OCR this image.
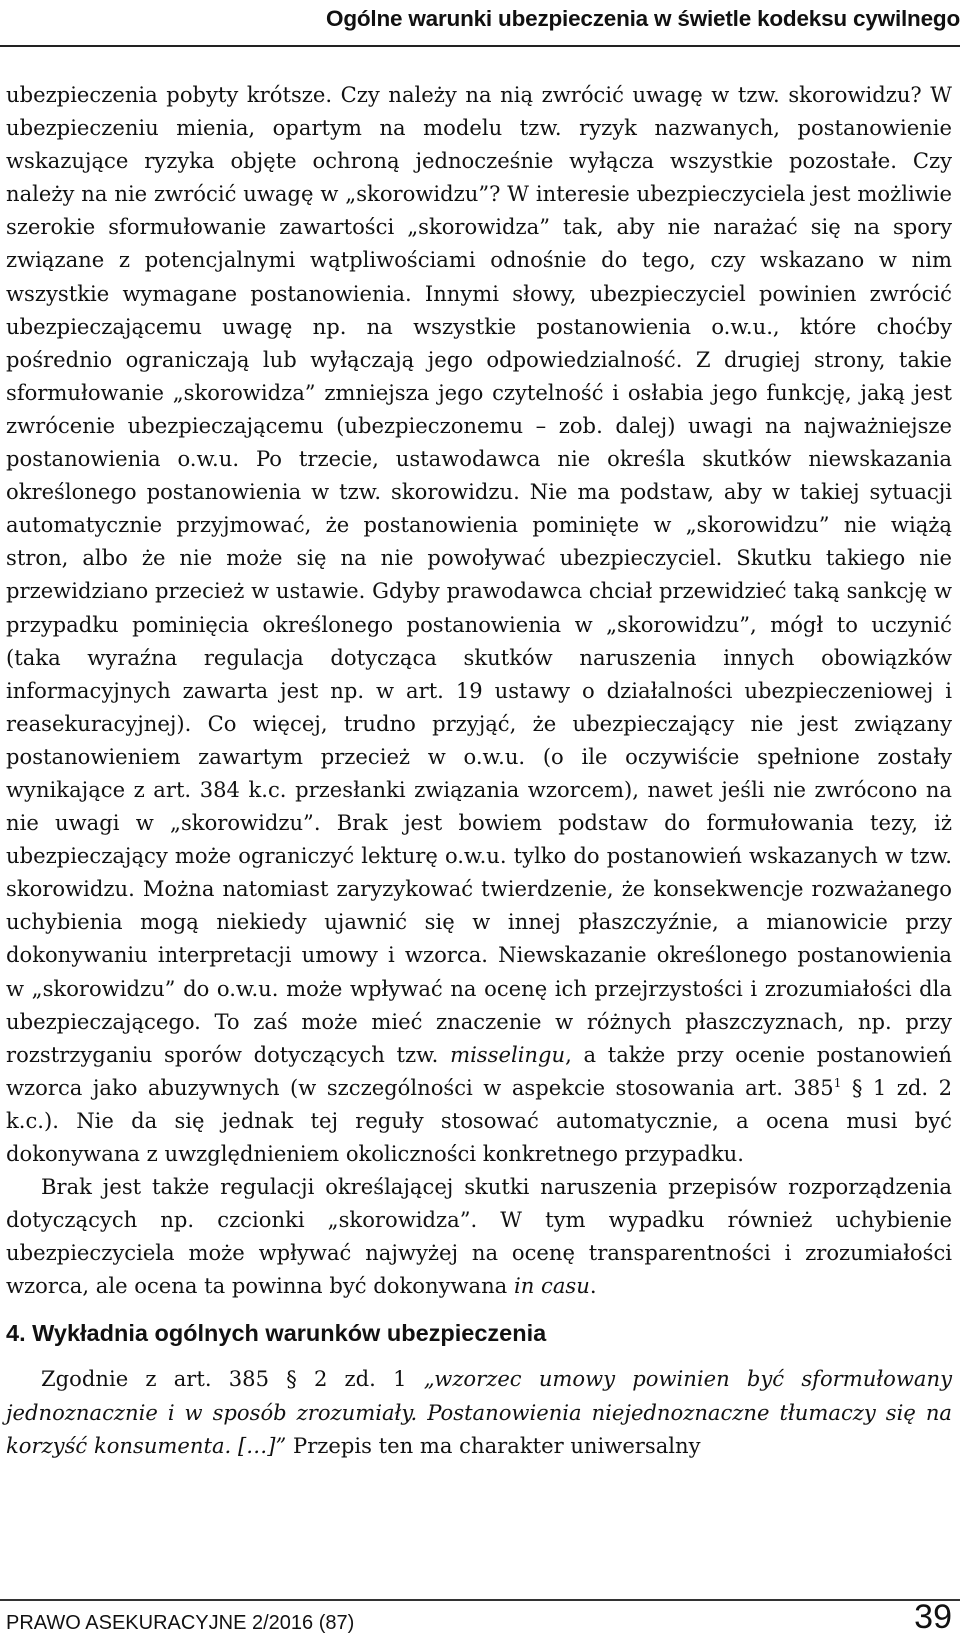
Ogólne warunki ubezpieczenia w świetle kodeksu cywilnego

ubezpieczenia pobyty krótsze. Czy należy na nią zwrócić uwagę w tzw. skorowidzu? W ubezpieczeniu mienia, opartym na modelu tzw. ryzyk nazwanych, postanowienie wskazujące ryzyka objęte ochroną jednocześnie wyłącza wszystkie pozostałe. Czy należy na nie zwrócić uwagę w „skorowidzu”? W interesie ubezpieczyciela jest możliwie szerokie sformułowanie zawartości „skorowidza” tak, aby nie narażać się na spory związane z potencjalnymi wątpliwościami odnośnie do tego, czy wskazano w nim wszystkie wymagane postanowienia. Innymi słowy, ubezpieczyciel powinien zwrócić ubezpieczającemu uwagę np. na wszystkie postanowienia o.w.u., które choćby pośrednio ograniczają lub wyłączają jego odpowiedzialność. Z drugiej strony, takie sformułowanie „skorowidza” zmniejsza jego czytelność i osłabia jego funkcję, jaką jest zwrócenie ubezpieczającemu (ubezpieczonemu – zob. dalej) uwagi na najważniejsze postanowienia o.w.u. Po trzecie, ustawodawca nie określa skutków niewskazania określonego postanowienia w tzw. skorowidzu. Nie ma podstaw, aby w takiej sytuacji automatycznie przyjmować, że postanowienia pominięte w „skorowidzu” nie wiążą stron, albo że nie może się na nie powoływać ubezpieczyciel. Skutku takiego nie przewidziano przecież w ustawie. Gdyby prawodawca chciał przewidzieć taką sankcję w przypadku pominięcia określonego postanowienia w „skorowidzu”, mógł to uczynić (taka wyraźna regulacja dotycząca skutków naruszenia innych obowiązków informacyjnych zawarta jest np. w art. 19 ustawy o działalności ubezpieczeniowej i reasekuracyjnej). Co więcej, trudno przyjąć, że ubezpieczający nie jest związany postanowieniem zawartym przecież w o.w.u. (o ile oczywiście spełnione zostały wynikające z art. 384 k.c. przesłanki związania wzorcem), nawet jeśli nie zwrócono na nie uwagi w „skorowidzu”. Brak jest bowiem podstaw do formułowania tezy, iż ubezpieczający może ograniczyć lekturę o.w.u. tylko do postanowień wskazanych w tzw. skorowidzu. Można natomiast zaryzykować twierdzenie, że konsekwencje rozważanego uchybienia mogą niekiedy ujawnić się w innej płaszczyźnie, a mianowicie przy dokonywaniu interpretacji umowy i wzorca. Niewskazanie określonego postanowienia w „skorowidzu” do o.w.u. może wpływać na ocenę ich przejrzystości i zrozumiałości dla ubezpieczającego. To zaś może mieć znaczenie w różnych płaszczyznach, np. przy rozstrzyganiu sporów dotyczących tzw. misselingu, a także przy ocenie postanowień wzorca jako abuzywnych (w szczególności w aspekcie stosowania art. $385^1$ § 1 zd. 2 k.c.). Nie da się jednak tej reguły stosować automatycznie, a ocena musi być dokonywana z uwzględnieniem okoliczności konkretnego przypadku.

Brak jest także regulacji określającej skutki naruszenia przepisów rozporządzenia dotyczących np. czcionki „skorowidza”. W tym wypadku również uchybienie ubezpieczyciela może wpływać najwyżej na ocenę transparentności i zrozumiałości wzorca, ale ocena ta powinna być dokonywana in casu.

4. Wykładnia ogólnych warunków ubezpieczenia

Zgodnie z art. 385 § 2 zd. 1 „wzorzec umowy powinien być sformułowany jednoznacznie i w sposób zrozumiały. Postanowienia niejednoznaczne tłumaczy się na korzyść konsumenta. […]” Przepis ten ma charakter uniwersalny

PRAWO ASEKURACYJNE 2/2016 (87)	39
